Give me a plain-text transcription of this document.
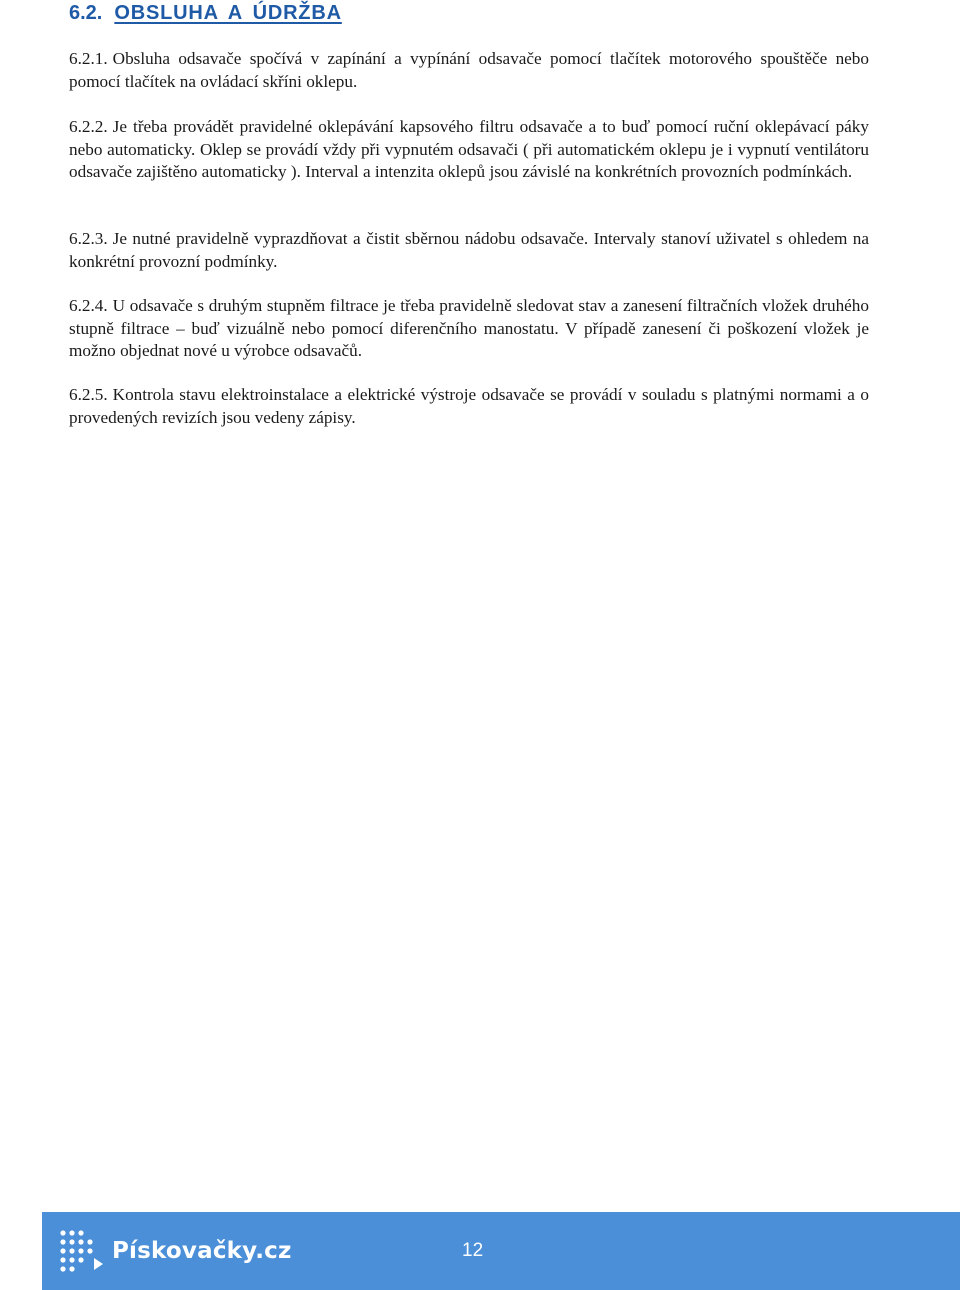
6.2. OBSLUHA A ÚDRŽBA
6.2.1. Obsluha odsavače spočívá v zapínání a vypínání odsavače pomocí tlačítek motorového spouštěče nebo pomocí tlačítek na ovládací skříni oklepu.
6.2.2. Je třeba provádět pravidelné oklepávání kapsového filtru odsavače a to buď pomocí ruční oklepávací páky nebo automaticky. Oklep se provádí vždy při vypnutém odsavači ( při automatickém oklepu je i vypnutí ventilátoru odsavače zajištěno automaticky ). Interval a intenzita oklepů jsou závislé na konkrétních provozních podmínkách.
6.2.3. Je nutné pravidelně vyprazdňovat a čistit sběrnou nádobu odsavače. Intervaly stanoví uživatel s ohledem na konkrétní provozní podmínky.
6.2.4. U odsavače s druhým stupněm filtrace je třeba pravidelně sledovat stav a zanesení filtračních vložek druhého stupně filtrace – buď vizuálně nebo pomocí diferenčního manostatu. V případě zanesení či poškození vložek je možno objednat nové u výrobce odsavačů.
6.2.5. Kontrola stavu elektroinstalace a elektrické výstroje odsavače se provádí v souladu s platnými normami a o provedených revizích jsou vedeny zápisy.
Pískovačky.cz	12
